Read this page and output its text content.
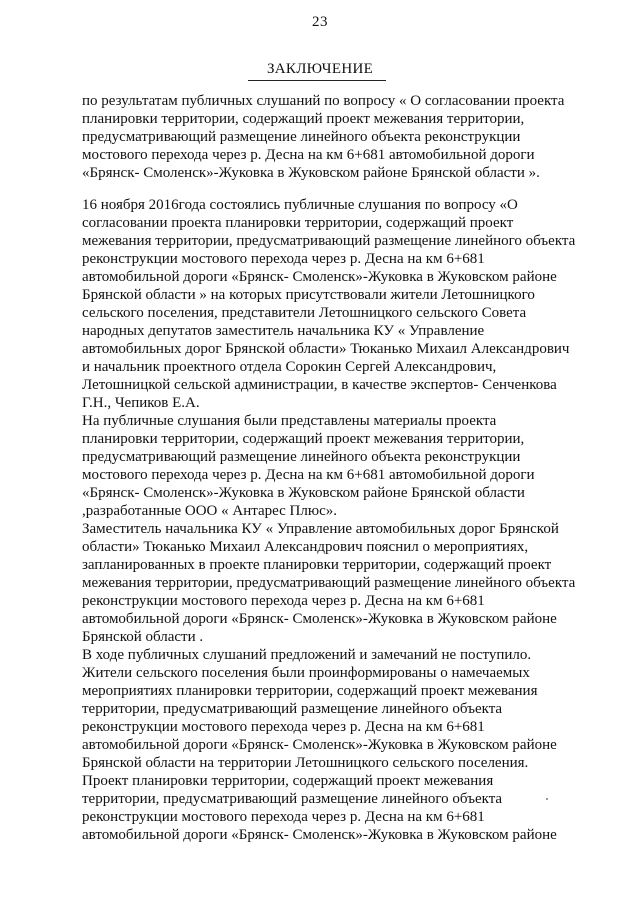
23
ЗАКЛЮЧЕНИЕ
по результатам публичных слушаний по вопросу « О согласовании проекта
планировки территории, содержащий проект межевания территории,
предусматривающий размещение линейного объекта реконструкции
мостового перехода через р. Десна на км 6+681 автомобильной дороги
«Брянск- Смоленск»-Жуковка в Жуковском районе Брянской области ».
16 ноября 2016года состоялись публичные слушания по вопросу «О
согласовании проекта планировки территории, содержащий проект
межевания территории, предусматривающий размещение линейного объекта
реконструкции мостового перехода через р. Десна на км 6+681
автомобильной дороги «Брянск- Смоленск»-Жуковка в Жуковском районе
Брянской области » на которых присутствовали жители Летошницкого
сельского поселения, представители Летошницкого сельского Совета
народных депутатов заместитель начальника КУ « Управление
автомобильных дорог Брянской области» Тюканько Михаил Александрович
и начальник проектного отдела Сорокин Сергей Александрович,
Летошницкой сельской администрации, в качестве экспертов- Сенченкова
Г.Н., Чепиков Е.А.
На публичные слушания были представлены материалы проекта
планировки территории, содержащий проект межевания территории,
предусматривающий размещение линейного объекта реконструкции
мостового перехода через р. Десна на км 6+681 автомобильной дороги
«Брянск- Смоленск»-Жуковка в Жуковском районе Брянской области
,разработанные ООО « Антарес Плюс».
Заместитель начальника КУ « Управление автомобильных дорог Брянской
области» Тюканько Михаил Александрович пояснил о мероприятиях,
запланированных в проекте планировки территории, содержащий проект
межевания территории, предусматривающий размещение линейного объекта
реконструкции мостового перехода через р. Десна на км 6+681
автомобильной дороги «Брянск- Смоленск»-Жуковка в Жуковском районе
Брянской области .
В ходе публичных слушаний предложений и замечаний не поступило.
Жители сельского поселения были проинформированы о намечаемых
мероприятиях планировки территории, содержащий проект межевания
территории, предусматривающий размещение линейного объекта
реконструкции мостового перехода через р. Десна на км 6+681
автомобильной дороги «Брянск- Смоленск»-Жуковка в Жуковском районе
Брянской области на территории Летошницкого сельского поселения.
Проект планировки территории, содержащий проект межевания
территории, предусматривающий размещение линейного объекта
реконструкции мостового перехода через р. Десна на км 6+681
автомобильной дороги «Брянск- Смоленск»-Жуковка в Жуковском районе
